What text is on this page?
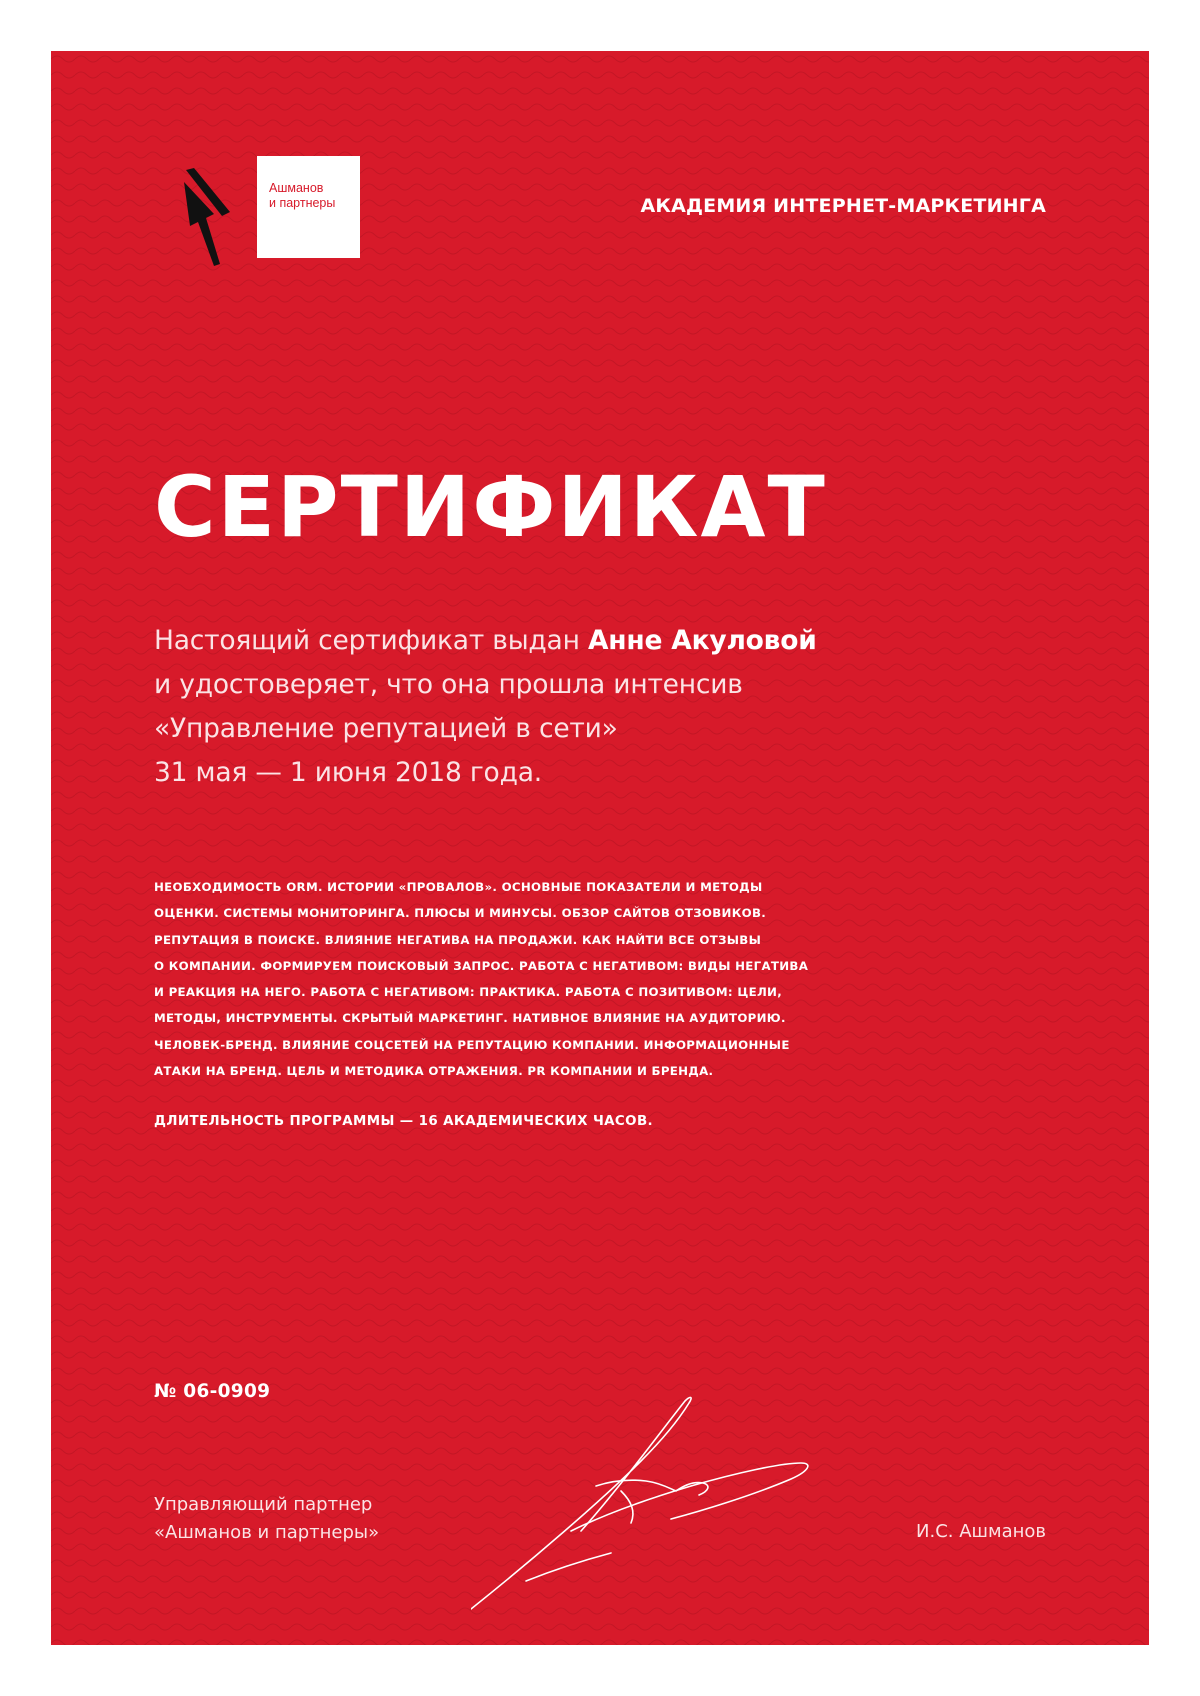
Ашманов
и партнеры	АКАДЕМИЯ ИНТЕРНЕТ-МАРКЕТИНГА
СЕРТИФИКАТ
Настоящий сертификат выдан Анне Акуловой
и удостоверяет, что она прошла интенсив
«Управление репутацией в сети»
31 мая — 1 июня 2018 года.
НЕОБХОДИМОСТЬ ORM. ИСТОРИИ «ПРОВАЛОВ». ОСНОВНЫЕ ПОКАЗАТЕЛИ И МЕТОДЫ
ОЦЕНКИ. СИСТЕМЫ МОНИТОРИНГА. ПЛЮСЫ И МИНУСЫ. ОБЗОР САЙТОВ ОТЗОВИКОВ.
РЕПУТАЦИЯ В ПОИСКЕ. ВЛИЯНИЕ НЕГАТИВА НА ПРОДАЖИ. КАК НАЙТИ ВСЕ ОТЗЫВЫ
О КОМПАНИИ. ФОРМИРУЕМ ПОИСКОВЫЙ ЗАПРОС. РАБОТА С НЕГАТИВОМ: ВИДЫ НЕГАТИВА
И РЕАКЦИЯ НА НЕГО. РАБОТА С НЕГАТИВОМ: ПРАКТИКА. РАБОТА С ПОЗИТИВОМ: ЦЕЛИ,
МЕТОДЫ, ИНСТРУМЕНТЫ. СКРЫТЫЙ МАРКЕТИНГ. НАТИВНОЕ ВЛИЯНИЕ НА АУДИТОРИЮ.
ЧЕЛОВЕК-БРЕНД. ВЛИЯНИЕ СОЦСЕТЕЙ НА РЕПУТАЦИЮ КОМПАНИИ. ИНФОРМАЦИОННЫЕ
АТАКИ НА БРЕНД. ЦЕЛЬ И МЕТОДИКА ОТРАЖЕНИЯ. PR КОМПАНИИ И БРЕНДА.
ДЛИТЕЛЬНОСТЬ ПРОГРАММЫ — 16 АКАДЕМИЧЕСКИХ ЧАСОВ.
№ 06-0909
Управляющий партнер
«Ашманов и партнеры»	И.С. Ашманов
